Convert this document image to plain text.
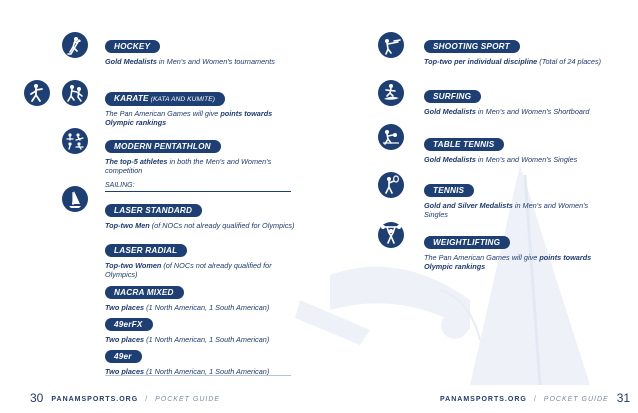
HOCKEY
Gold Medalists in Men's and Women's tournaments
KARATE (KATA AND KUMITE)
The Pan American Games will give points towards Olympic rankings
MODERN PENTATHLON
The top-5 athletes in both the Men's and Women's competition
SAILING:
LASER STANDARD
Top-two Men (of NOCs not already qualified for Olympics)
LASER RADIAL
Top-two Women (of NOCs not already qualified for Olympics)
NACRA MIXED
Two places (1 North American, 1 South American)
49erFX
Two places (1 North American, 1 South American)
49er
Two places (1 North American, 1 South American)
SHOOTING SPORT
Top-two per individual discipline (Total of 24 places)
SURFING
Gold Medalists in Men's and Women's Shortboard
TABLE TENNIS
Gold Medalists in Men's and Women's Singles
TENNIS
Gold and Silver Medalists in Men's and Women's Singles
WEIGHTLIFTING
The Pan American Games will give points towards Olympic rankings
30 PANAMSPORTS.ORG / POCKET GUIDE	PANAMSPORTS.ORG / POCKET GUIDE 31
